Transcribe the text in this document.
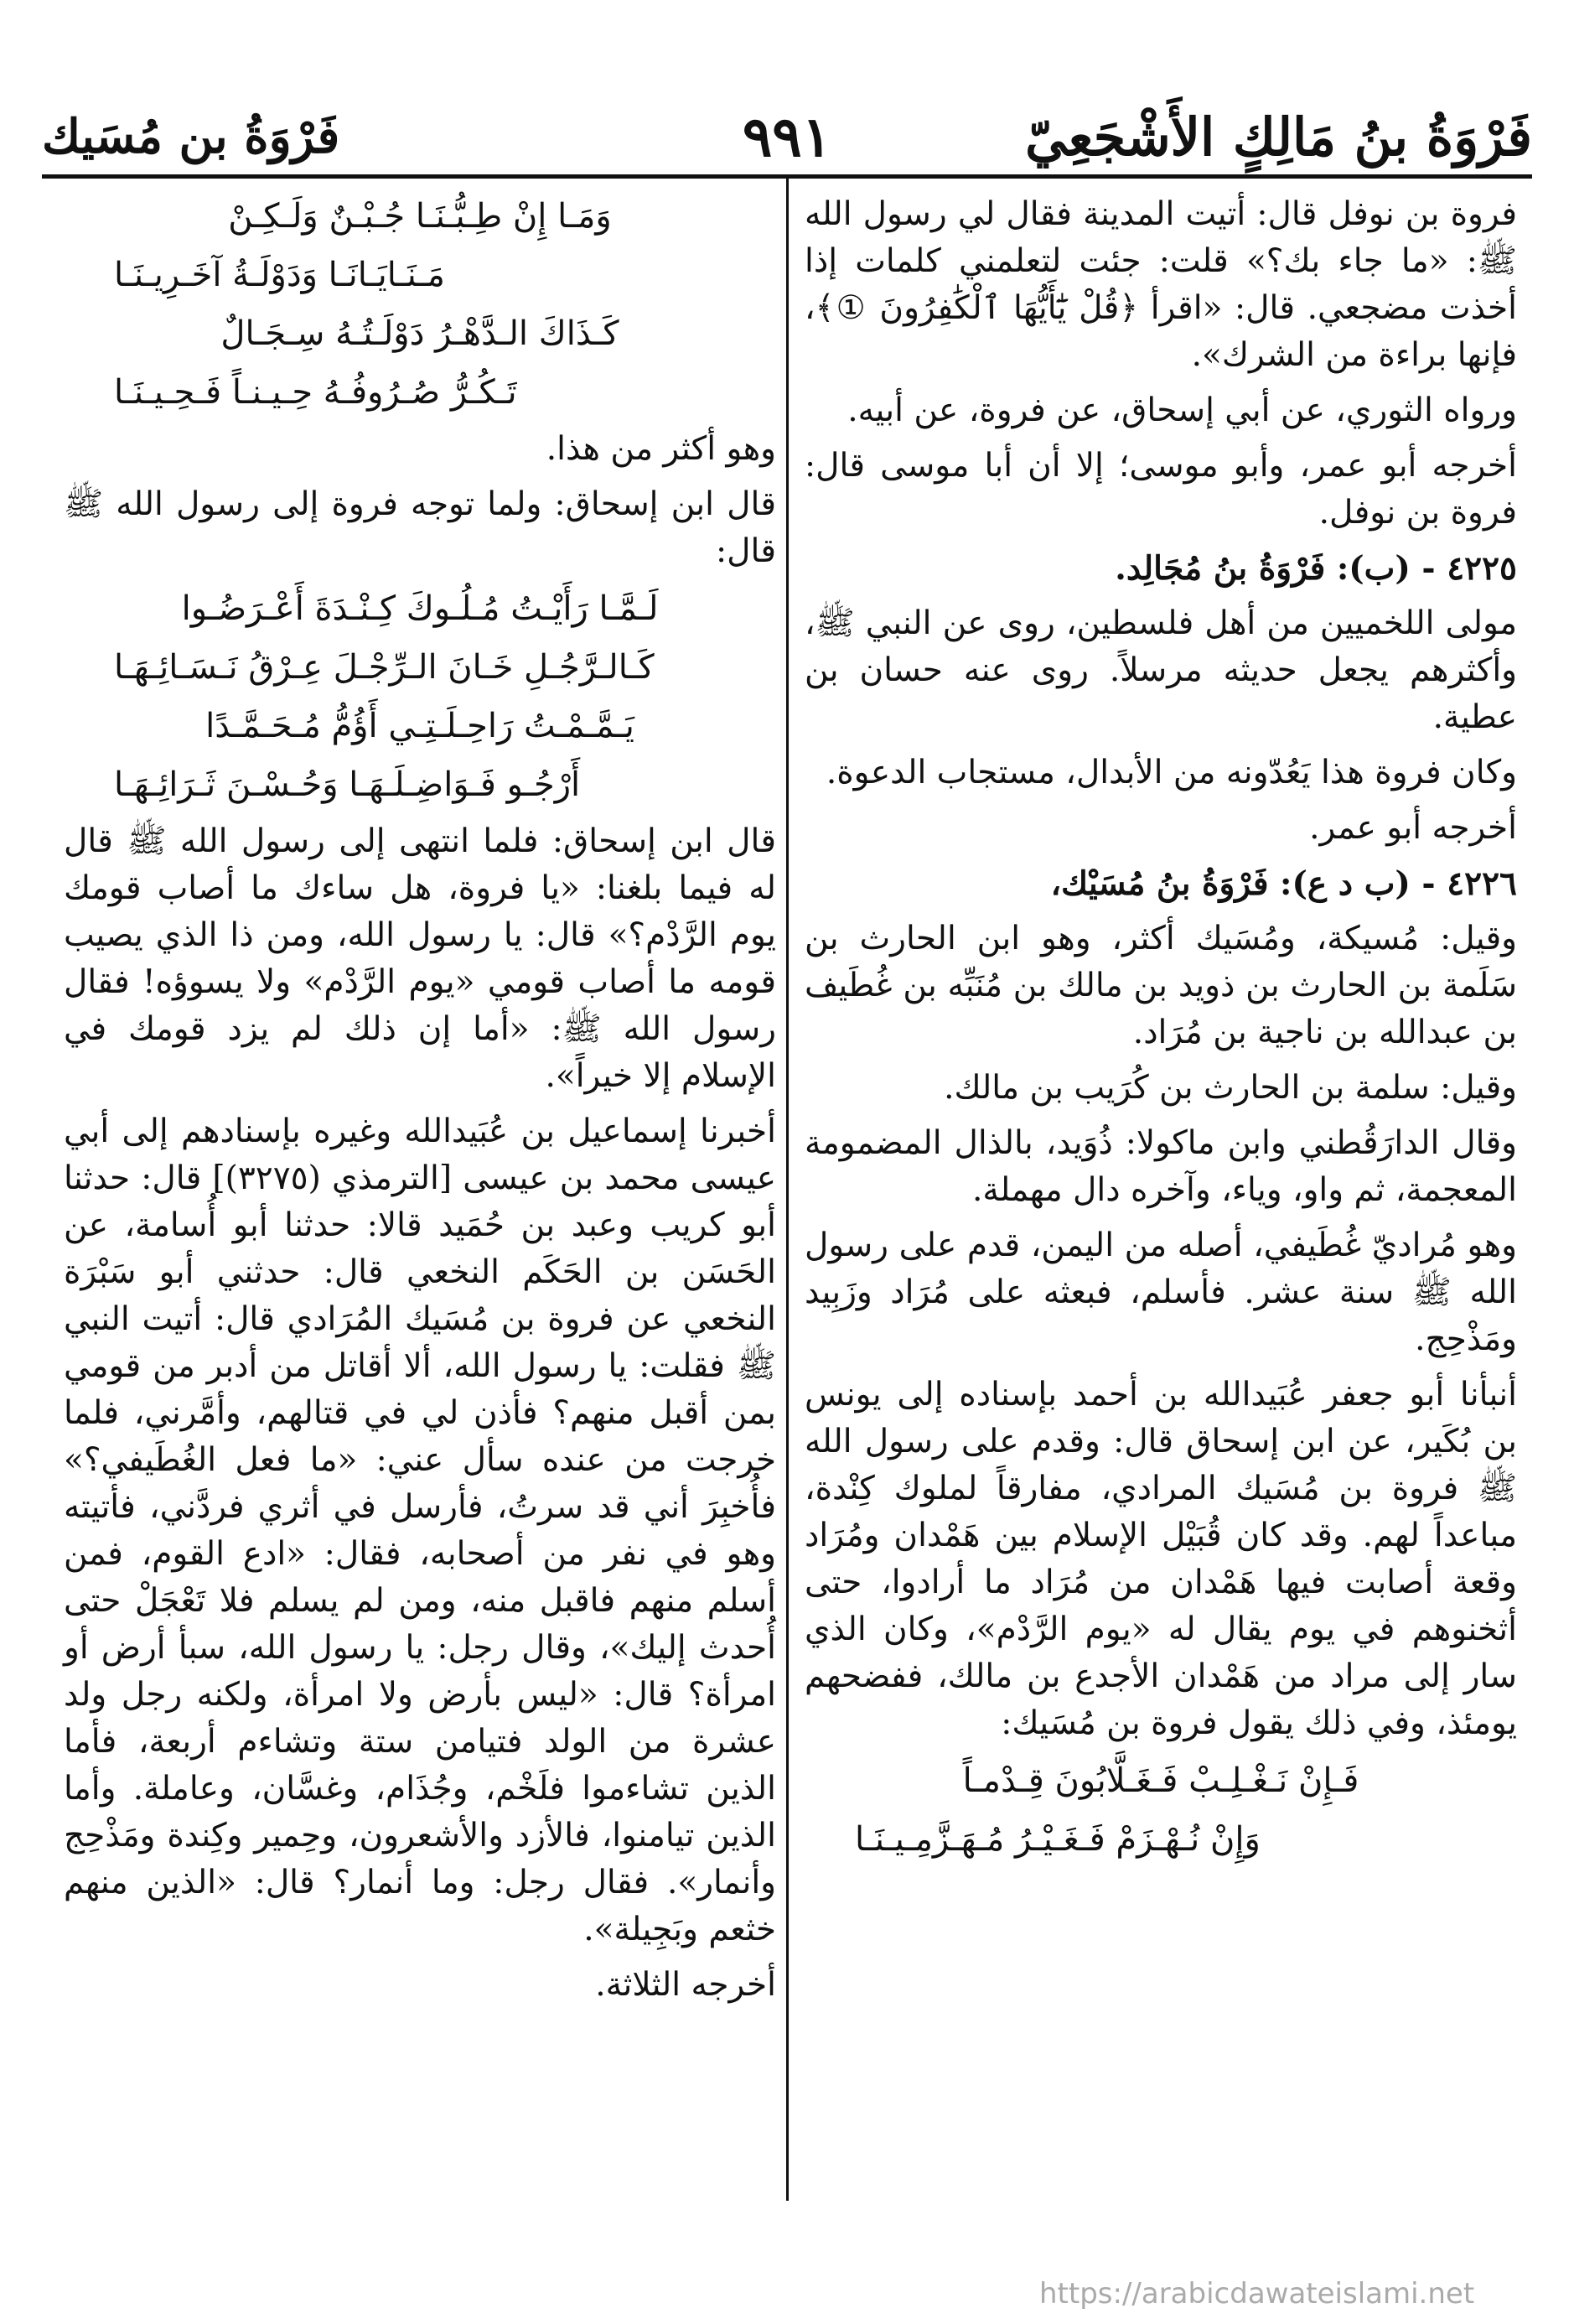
فَرْوَةُ بنُ مَالِكٍ الأَشْجَعِيّ
٩٩١
فَرْوَةُ بن مُسَيك

فروة بن نوفل قال: أتيت المدينة فقال لي رسول الله ﷺ: «ما جاء بك؟» قلت: جئت لتعلمني كلمات إذا أخذت مضجعي. قال: «اقرأ ﴿قُلْ يَٰٓأَيُّهَا ٱلْكَٰفِرُونَ ①﴾، فإنها براءة من الشرك».

ورواه الثوري، عن أبي إسحاق، عن فروة، عن أبيه.

أخرجه أبو عمر، وأبو موسى؛ إلا أن أبا موسى قال: فروة بن نوفل.

٤٢٢٥ - (ب): فَرْوَةُ بنُ مُجَالِد.

مولى اللخميين من أهل فلسطين، روى عن النبي ﷺ، وأكثرهم يجعل حديثه مرسلاً. روى عنه حسان بن عطية.

وكان فروة هذا يَعُدّونه من الأبدال، مستجاب الدعوة.

أخرجه أبو عمر.

٤٢٢٦ - (ب د ع): فَرْوَةُ بنُ مُسَيْك،

وقيل: مُسيكة، ومُسَيك أكثر، وهو ابن الحارث بن سَلَمة بن الحارث بن ذويد بن مالك بن مُنَبِّه بن غُطَيف بن عبدالله بن ناجية بن مُرَاد.

وقيل: سلمة بن الحارث بن كُرَيب بن مالك.

وقال الدارَقُطني وابن ماكولا: ذُوَيد، بالذال المضمومة المعجمة، ثم واو، وياء، وآخره دال مهملة.

وهو مُراديّ غُطَيفي، أصله من اليمن، قدم على رسول الله ﷺ سنة عشر. فأسلم، فبعثه على مُرَاد وزَبِيد ومَذْحِج.

أنبأنا أبو جعفر عُبَيدالله بن أحمد بإسناده إلى يونس بن بُكَير، عن ابن إسحاق قال: وقدم على رسول الله ﷺ فروة بن مُسَيك المرادي، مفارقاً لملوك كِنْدة، مباعداً لهم. وقد كان قُبَيْل الإسلام بين هَمْدان ومُرَاد وقعة أصابت فيها هَمْدان من مُرَاد ما أرادوا، حتى أثخنوهم في يوم يقال له «يوم الرَّدْم»، وكان الذي سار إلى مراد من هَمْدان الأجدع بن مالك، ففضحهم يومئذ، وفي ذلك يقول فروة بن مُسَيك:

فَـإِنْ نَـغْـلِـبْ فَـغَـلَّابُونَ قِـدْمـاً

وَإِنْ نُـهْـزَمْ فَـغَـيْـرُ مُـهَـزَّمِـيـنَـا

وَمَـا إِنْ طِـبُّـنَـا جُـبْـنٌ وَلَـكِـنْ

مَـنَـايَـانَـا وَدَوْلَـةُ آخَـرِيـنَـا

كَـذَاكَ الـدَّهْـرُ دَوْلَـتُـهُ سِـجَـالٌ

تَـكُـرُّ صُـرُوفُـهُ حِـيـنـاً فَـحِـيـنَـا

وهو أكثر من هذا.

قال ابن إسحاق: ولما توجه فروة إلى رسول الله ﷺ قال:

لَـمَّـا رَأَيْـتُ مُـلُـوكَ كِـنْـدَةَ أَعْـرَضُـوا

كَـالـرَّجُـلِ خَـانَ الـرِّجْـلَ عِـرْقُ نَـسَـائِـهَـا

يَـمَّـمْـتُ رَاحِـلَـتِـي أَؤُمُّ مُـحَـمَّـدًا

أَرْجُـو فَـوَاضِـلَـهَـا وَحُـسْـنَ ثَـرَائِـهَـا

قال ابن إسحاق: فلما انتهى إلى رسول الله ﷺ قال له فيما بلغنا: «يا فروة، هل ساءك ما أصاب قومك يوم الرَّدْم؟» قال: يا رسول الله، ومن ذا الذي يصيب قومه ما أصاب قومي «يوم الرَّدْم» ولا يسوؤه! فقال رسول الله ﷺ: «أما إن ذلك لم يزد قومك في الإسلام إلا خيراً».

أخبرنا إسماعيل بن عُبَيدالله وغيره بإسنادهم إلى أبي عيسى محمد بن عيسى [الترمذي (٣٢٧٥)] قال: حدثنا أبو كريب وعبد بن حُمَيد قالا: حدثنا أبو أُسامة، عن الحَسَن بن الحَكَم النخعي قال: حدثني أبو سَبْرَة النخعي عن فروة بن مُسَيك المُرَادي قال: أتيت النبي ﷺ فقلت: يا رسول الله، ألا أقاتل من أدبر من قومي بمن أقبل منهم؟ فأذن لي في قتالهم، وأمَّرني، فلما خرجت من عنده سأل عني: «ما فعل الغُطَيفي؟» فأُخبِرَ أني قد سرتُ، فأرسل في أثري فردَّني، فأتيته وهو في نفر من أصحابه، فقال: «ادع القوم، فمن أسلم منهم فاقبل منه، ومن لم يسلم فلا تَعْجَلْ حتى أُحدث إليك»، وقال رجل: يا رسول الله، سبأ أرض أو امرأة؟ قال: «ليس بأرض ولا امرأة، ولكنه رجل ولد عشرة من الولد فتيامن ستة وتشاءم أربعة، فأما الذين تشاءموا فلَخْم، وجُذَام، وغسَّان، وعاملة. وأما الذين تيامنوا، فالأزد والأشعرون، وحِمير وكِندة ومَذْحِج وأنمار». فقال رجل: وما أنمار؟ قال: «الذين منهم خثعم وبَجِيلة».

أخرجه الثلاثة.

https://arabicdawateislami.net
